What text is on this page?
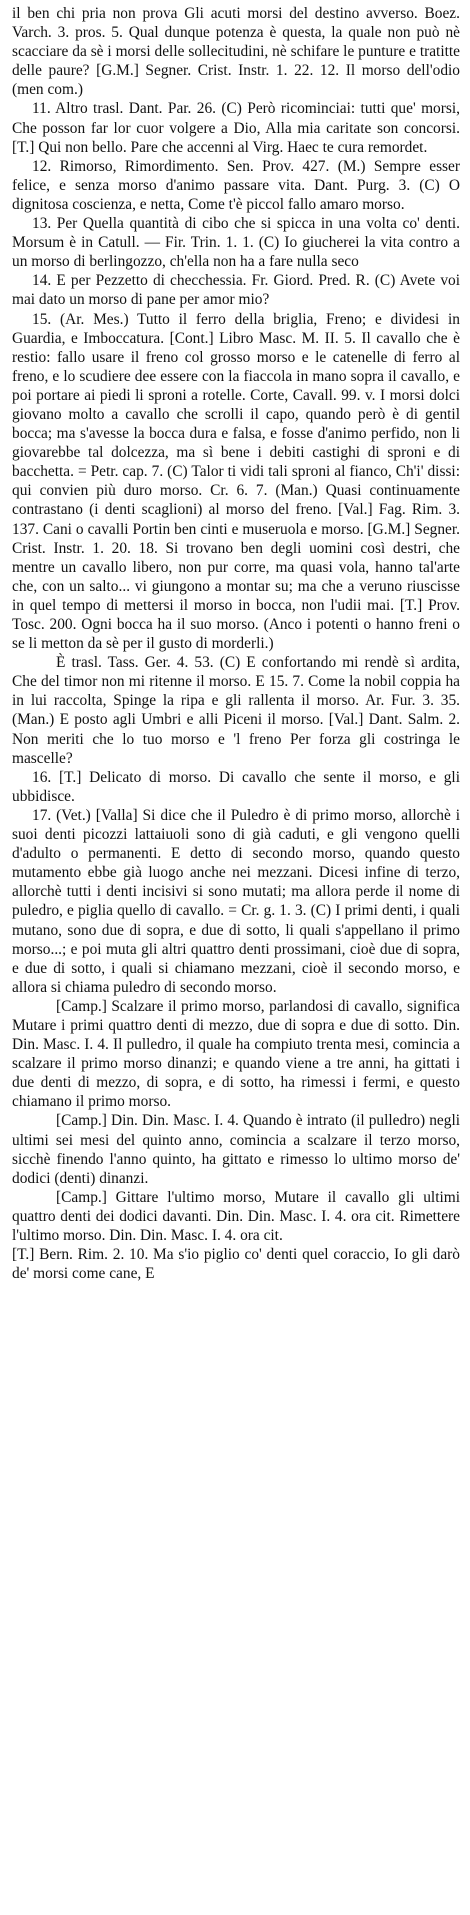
il ben chi pria non prova Gli acuti morsi del destino avverso. Boez. Varch. 3. pros. 5. Qual dunque potenza è questa, la quale non può nè scacciare da sè i morsi delle sollecitudini, nè schifare le punture e tratitte delle paure? [G.M.] Segner. Crist. Instr. 1. 22. 12. Il morso dell'odio (men com.)

11. Altro trasl. Dant. Par. 26. (C) Però ricominciai: tutti que' morsi, Che posson far lor cuor volgere a Dio, Alla mia caritate son concorsi. [T.] Qui non bello. Pare che accenni al Virg. Haec te cura remordet.

12. Rimorso, Rimordimento. Sen. Prov. 427. (M.) Sempre esser felice, e senza morso d'animo passare vita. Dant. Purg. 3. (C) O dignitosa coscienza, e netta, Come t'è piccol fallo amaro morso.

13. Per Quella quantità di cibo che si spicca in una volta co' denti. Morsum è in Catull. — Fir. Trin. 1. 1. (C) Io giucherei la vita contro a un morso di berlingozzo, ch'ella non ha a fare nulla seco

14. E per Pezzetto di checchessia. Fr. Giord. Pred. R. (C) Avete voi mai dato un morso di pane per amor mio?

15. (Ar. Mes.) Tutto il ferro della briglia, Freno; e dividesi in Guardia, e Imboccatura. [Cont.] Libro Masc. M. II. 5. Il cavallo che è restio: fallo usare il freno col grosso morso e le catenelle di ferro al freno, e lo scudiere dee essere con la fiaccola in mano sopra il cavallo, e poi portare ai piedi li sproni a rotelle. Corte, Cavall. 99. v. I morsi dolci giovano molto a cavallo che scrolli il capo, quando però è di gentil bocca; ma s'avesse la bocca dura e falsa, e fosse d'animo perfido, non li giovarebbe tal dolcezza, ma sì bene i debiti castighi di sproni e di bacchetta. = Petr. cap. 7. (C) Talor ti vidi tali sproni al fianco, Ch'i' dissi: qui convien più duro morso. Cr. 6. 7. (Man.) Quasi continuamente contrastano (i denti scaglioni) al morso del freno. [Val.] Fag. Rim. 3. 137. Cani o cavalli Portin ben cinti e museruola e morso. [G.M.] Segner. Crist. Instr. 1. 20. 18. Si trovano ben degli uomini così destri, che mentre un cavallo libero, non pur corre, ma quasi vola, hanno tal'arte che, con un salto... vi giungono a montar su; ma che a veruno riuscisse in quel tempo di mettersi il morso in bocca, non l'udii mai. [T.] Prov. Tosc. 200. Ogni bocca ha il suo morso. (Anco i potenti o hanno freni o se li metton da sè per il gusto di morderli.)

È trasl. Tass. Ger. 4. 53. (C) E confortando mi rendè sì ardita, Che del timor non mi ritenne il morso. E 15. 7. Come la nobil coppia ha in lui raccolta, Spinge la ripa e gli rallenta il morso. Ar. Fur. 3. 35. (Man.) E posto agli Umbri e alli Piceni il morso. [Val.] Dant. Salm. 2. Non meriti che lo tuo morso e 'l freno Per forza gli costringa le mascelle?

16. [T.] Delicato di morso. Di cavallo che sente il morso, e gli ubbidisce.

17. (Vet.) [Valla] Si dice che il Puledro è di primo morso, allorchè i suoi denti picozzi lattaiuoli sono di già caduti, e gli vengono quelli d'adulto o permanenti. E detto di secondo morso, quando questo mutamento ebbe già luogo anche nei mezzani. Dicesi infine di terzo, allorchè tutti i denti incisivi si sono mutati; ma allora perde il nome di puledro, e piglia quello di cavallo. = Cr. g. 1. 3. (C) I primi denti, i quali mutano, sono due di sopra, e due di sotto, li quali s'appellano il primo morso...; e poi muta gli altri quattro denti prossimani, cioè due di sopra, e due di sotto, i quali si chiamano mezzani, cioè il secondo morso, e allora si chiama puledro di secondo morso.

[Camp.] Scalzare il primo morso, parlandosi di cavallo, significa Mutare i primi quattro denti di mezzo, due di sopra e due di sotto. Din. Din. Masc. I. 4. Il pulledro, il quale ha compiuto trenta mesi, comincia a scalzare il primo morso dinanzi; e quando viene a tre anni, ha gittati i due denti di mezzo, di sopra, e di sotto, ha rimessi i fermi, e questo chiamano il primo morso.

[Camp.] Din. Din. Masc. I. 4. Quando è intrato (il pulledro) negli ultimi sei mesi del quinto anno, comincia a scalzare il terzo morso, sicchè finendo l'anno quinto, ha gittato e rimesso lo ultimo morso de' dodici (denti) dinanzi.

[Camp.] Gittare l'ultimo morso, Mutare il cavallo gli ultimi quattro denti dei dodici davanti. Din. Din. Masc. I. 4. ora cit. Rimettere l'ultimo morso. Din. Din. Masc. I. 4. ora cit.

[T.] Bern. Rim. 2. 10. Ma s'io piglio co' denti quel coraccio, Io gli darò de' morsi come cane, E
